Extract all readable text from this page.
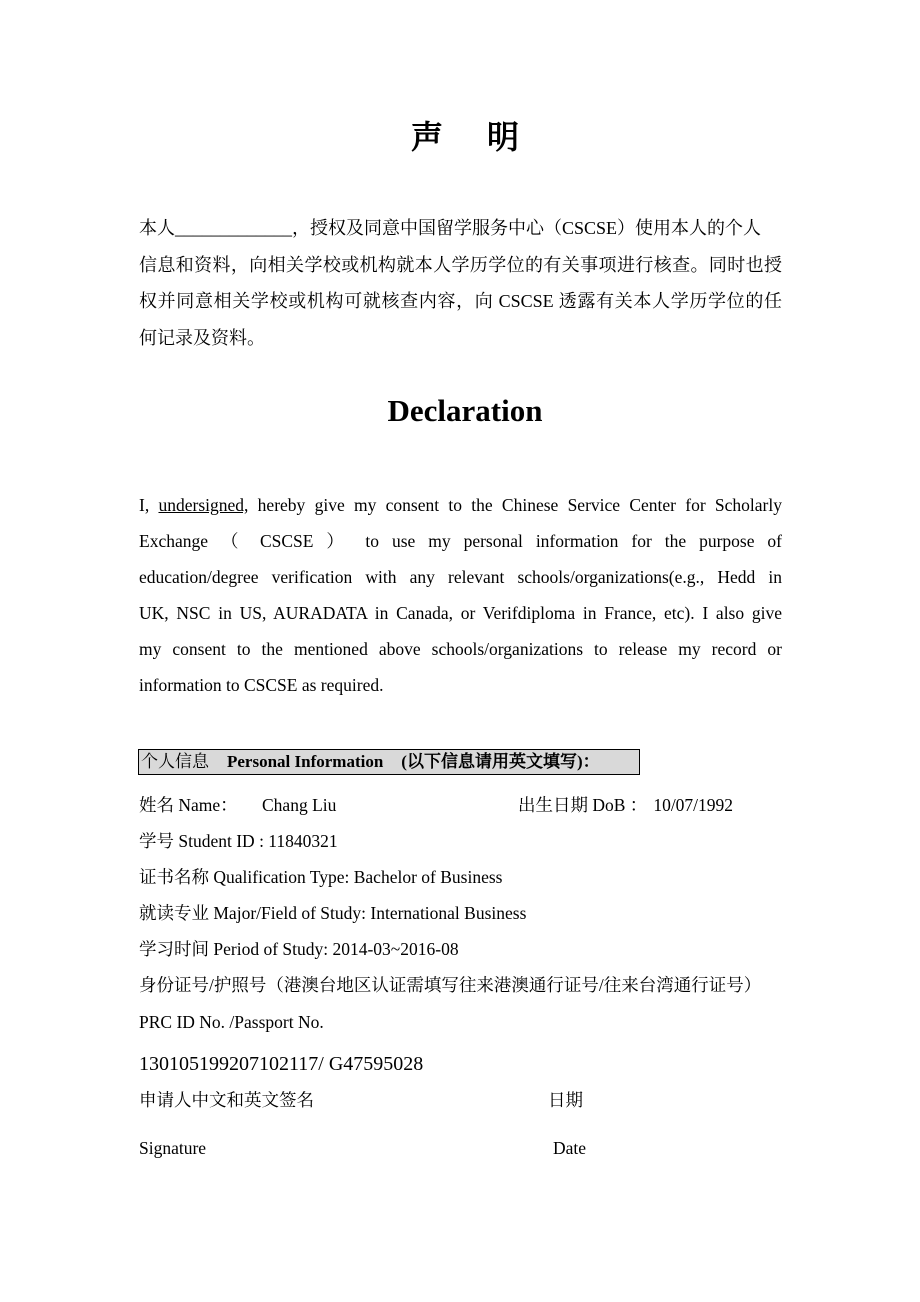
声 明
本人_____________，授权及同意中国留学服务中心（CSCSE）使用本人的个人
信息和资料，向相关学校或机构就本人学历学位的有关事项进行核查。同时也授
权并同意相关学校或机构可就核查内容，向 CSCSE 透露有关本人学历学位的任
何记录及资料。
Declaration
I, undersigned, hereby give my consent to the Chinese Service Center for Scholarly
Exchange （ CSCSE ） to use my personal information for the purpose of
education/degree verification with any relevant schools/organizations(e.g., Hedd in
UK, NSC in US, AURADATA in Canada, or Verifdiploma in France, etc). I also give
my consent to the mentioned above schools/organizations to release my record or
information to CSCSE as required.
个人信息 Personal Information (以下信息请用英文填写)：
姓名 Name： Chang Liu	出生日期 DoB ： 10/07/1992
学号 Student ID : 11840321
证书名称 Qualification Type: Bachelor of Business
就读专业 Major/Field of Study: International Business
学习时间 Period of Study: 2014-03~2016-08
身份证号/护照号（港澳台地区认证需填写往来港澳通行证号/往来台湾通行证号）
PRC ID No. /Passport No.
130105199207102117/ G47595028
申请人中文和英文签名	日期
Signature	Date
